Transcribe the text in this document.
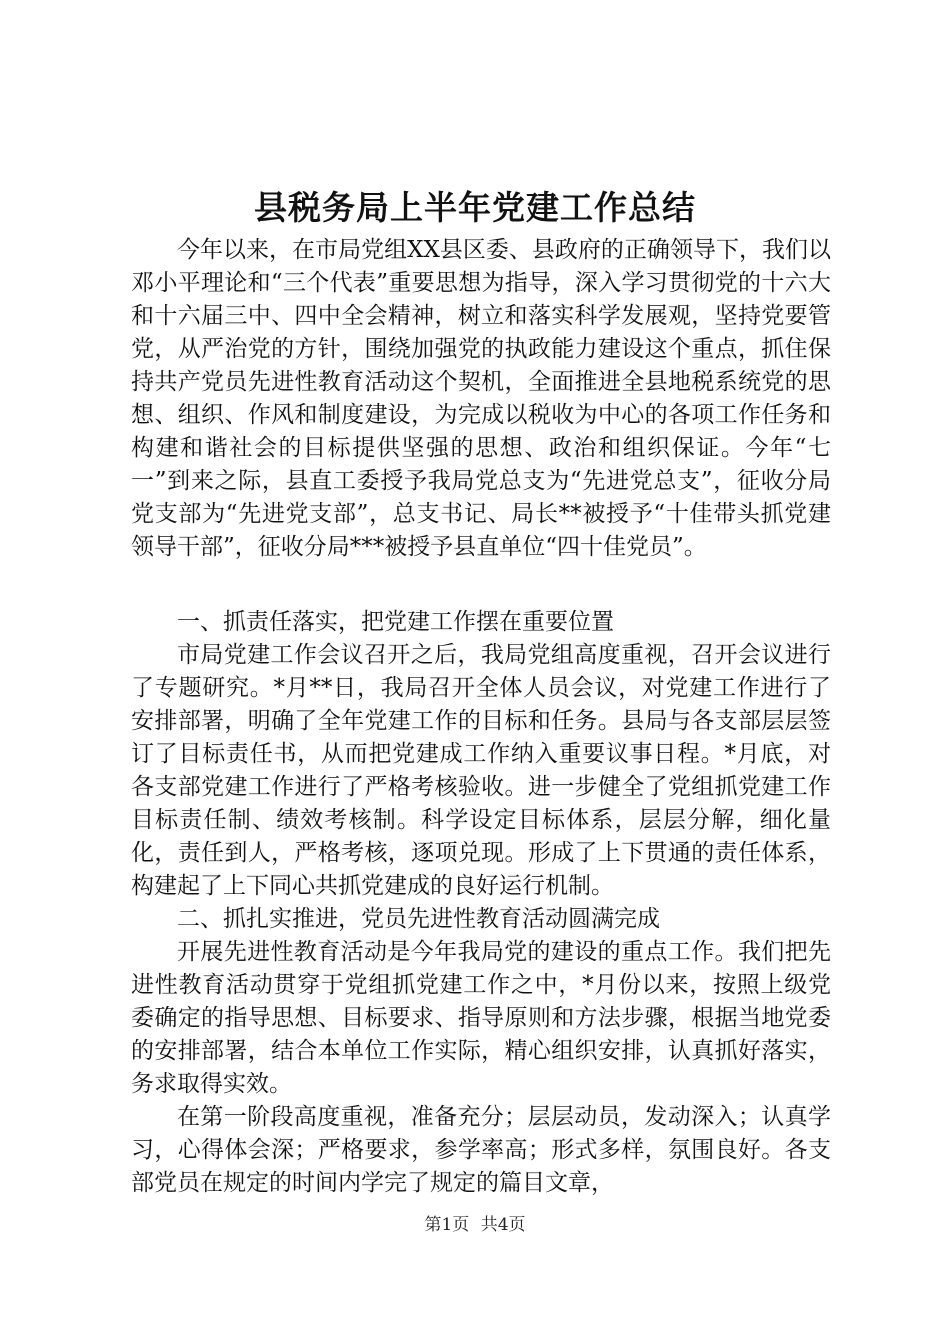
县税务局上半年党建工作总结

今年以来，在市局党组XX县区委、县政府的正确领导下，我们以邓小平理论和“三个代表”重要思想为指导，深入学习贯彻党的十六大和十六届三中、四中全会精神，树立和落实科学发展观，坚持党要管党，从严治党的方针，围绕加强党的执政能力建设这个重点，抓住保持共产党员先进性教育活动这个契机，全面推进全县地税系统党的思想、组织、作风和制度建设，为完成以税收为中心的各项工作任务和构建和谐社会的目标提供坚强的思想、政治和组织保证。今年“七一”到来之际，县直工委授予我局党总支为“先进党总支”，征收分局党支部为“先进党支部”，总支书记、局长**被授予“十佳带头抓党建领导干部”，征收分局***被授予县直单位“四十佳党员”。

一、抓责任落实，把党建工作摆在重要位置

市局党建工作会议召开之后，我局党组高度重视，召开会议进行了专题研究。*月**日，我局召开全体人员会议，对党建工作进行了安排部署，明确了全年党建工作的目标和任务。县局与各支部层层签订了目标责任书，从而把党建成工作纳入重要议事日程。*月底，对各支部党建工作进行了严格考核验收。进一步健全了党组抓党建工作目标责任制、绩效考核制。科学设定目标体系，层层分解，细化量化，责任到人，严格考核，逐项兑现。形成了上下贯通的责任体系，构建起了上下同心共抓党建成的良好运行机制。

二、抓扎实推进，党员先进性教育活动圆满完成

开展先进性教育活动是今年我局党的建设的重点工作。我们把先进性教育活动贯穿于党组抓党建工作之中，*月份以来，按照上级党委确定的指导思想、目标要求、指导原则和方法步骤，根据当地党委的安排部署，结合本单位工作实际，精心组织安排，认真抓好落实，务求取得实效。

在第一阶段高度重视，准备充分；层层动员，发动深入；认真学习，心得体会深；严格要求，参学率高；形式多样，氛围良好。各支部党员在规定的时间内学完了规定的篇目文章，

第1页 共4页
